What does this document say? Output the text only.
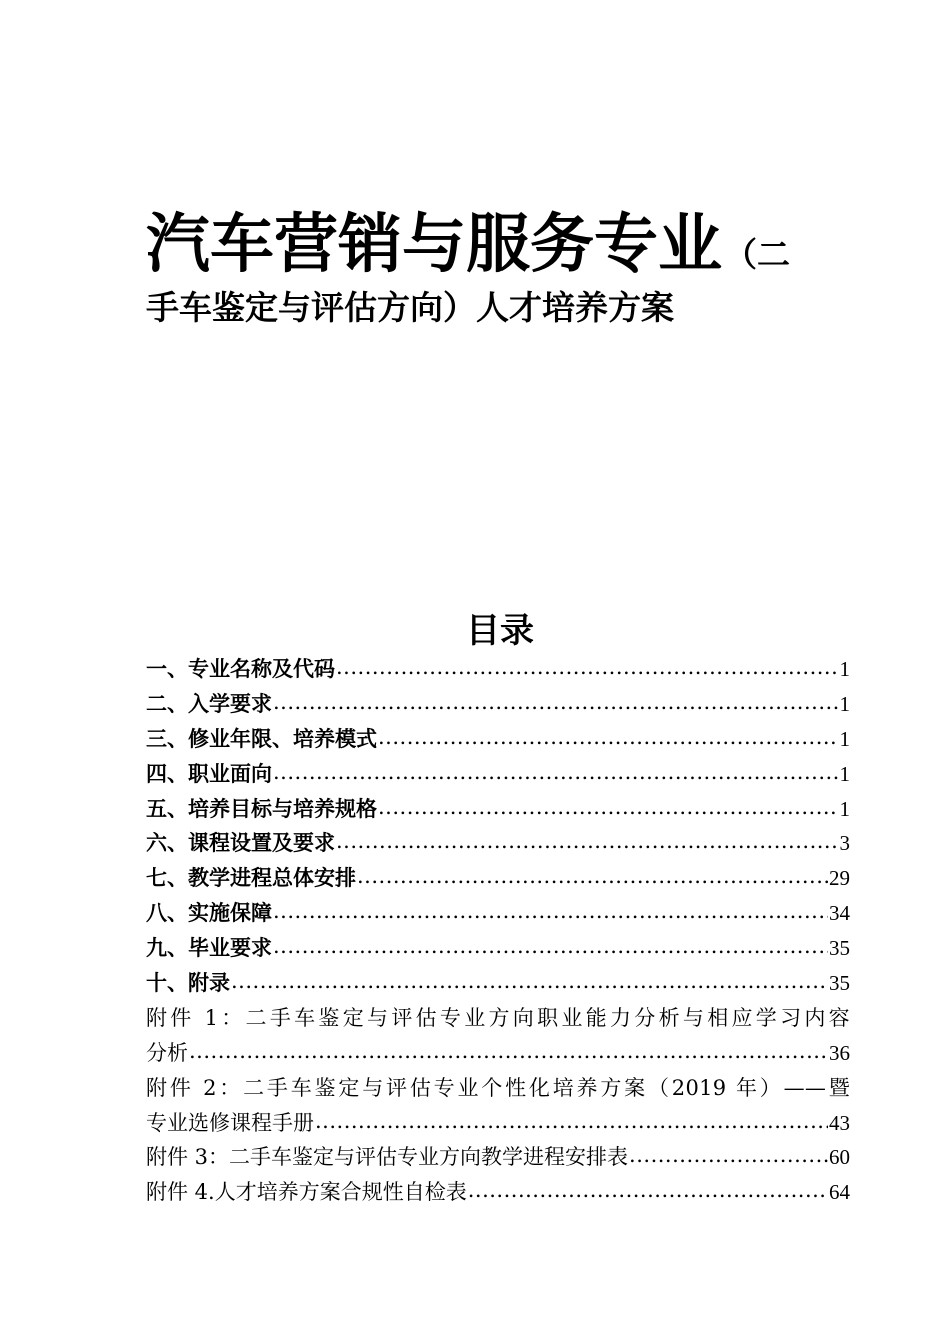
汽车营销与服务专业（二
手车鉴定与评估方向）人才培养方案
目录
一、专业名称及代码 .....	1
二、入学要求 .....	1
三、修业年限、培养模式 .....	1
四、职业面向 .....	1
五、培养目标与培养规格 .....	1
六、课程设置及要求 .....	3
七、教学进程总体安排 .....	29
八、实施保障 .....	34
九、毕业要求 .....	35
十、附录 .....	35
附件 1：二手车鉴定与评估专业方向职业能力分析与相应学习内容
分析 .....	36
附件 2：二手车鉴定与评估专业个性化培养方案（2019 年）——暨
专业选修课程手册 .....	43
附件 3：二手车鉴定与评估专业方向教学进程安排表 .....	60
附件 4.人才培养方案合规性自检表 .....	64
